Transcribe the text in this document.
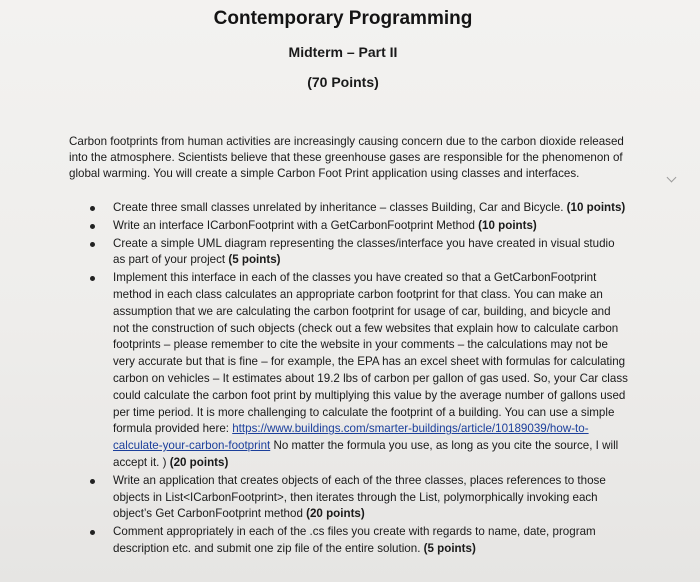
Contemporary Programming
Midterm – Part II
(70 Points)

Carbon footprints from human activities are increasingly causing concern due to the carbon dioxide released into the atmosphere. Scientists believe that these greenhouse gases are responsible for the phenomenon of global warming. You will create a simple Carbon Foot Print application using classes and interfaces.

Create three small classes unrelated by inheritance – classes Building, Car and Bicycle. (10 points)
Write an interface ICarbonFootprint with a GetCarbonFootprint Method (10 points)
Create a simple UML diagram representing the classes/interface you have created in visual studio as part of your project (5 points)
Implement this interface in each of the classes you have created so that a GetCarbonFootprint method in each class calculates an appropriate carbon footprint for that class. You can make an assumption that we are calculating the carbon footprint for usage of car, building, and bicycle and not the construction of such objects (check out a few websites that explain how to calculate carbon footprints – please remember to cite the website in your comments – the calculations may not be very accurate but that is fine – for example, the EPA has an excel sheet with formulas for calculating carbon on vehicles – It estimates about 19.2 lbs of carbon per gallon of gas used. So, your Car class could calculate the carbon foot print by multiplying this value by the average number of gallons used per time period. It is more challenging to calculate the footprint of a building. You can use a simple formula provided here: https://www.buildings.com/smarter-buildings/article/10189039/how-to-calculate-your-carbon-footprint No matter the formula you use, as long as you cite the source, I will accept it. ) (20 points)
Write an application that creates objects of each of the three classes, places references to those objects in List<ICarbonFootprint>, then iterates through the List, polymorphically invoking each object’s Get CarbonFootprint method (20 points)
Comment appropriately in each of the .cs files you create with regards to name, date, program description etc. and submit one zip file of the entire solution. (5 points)
